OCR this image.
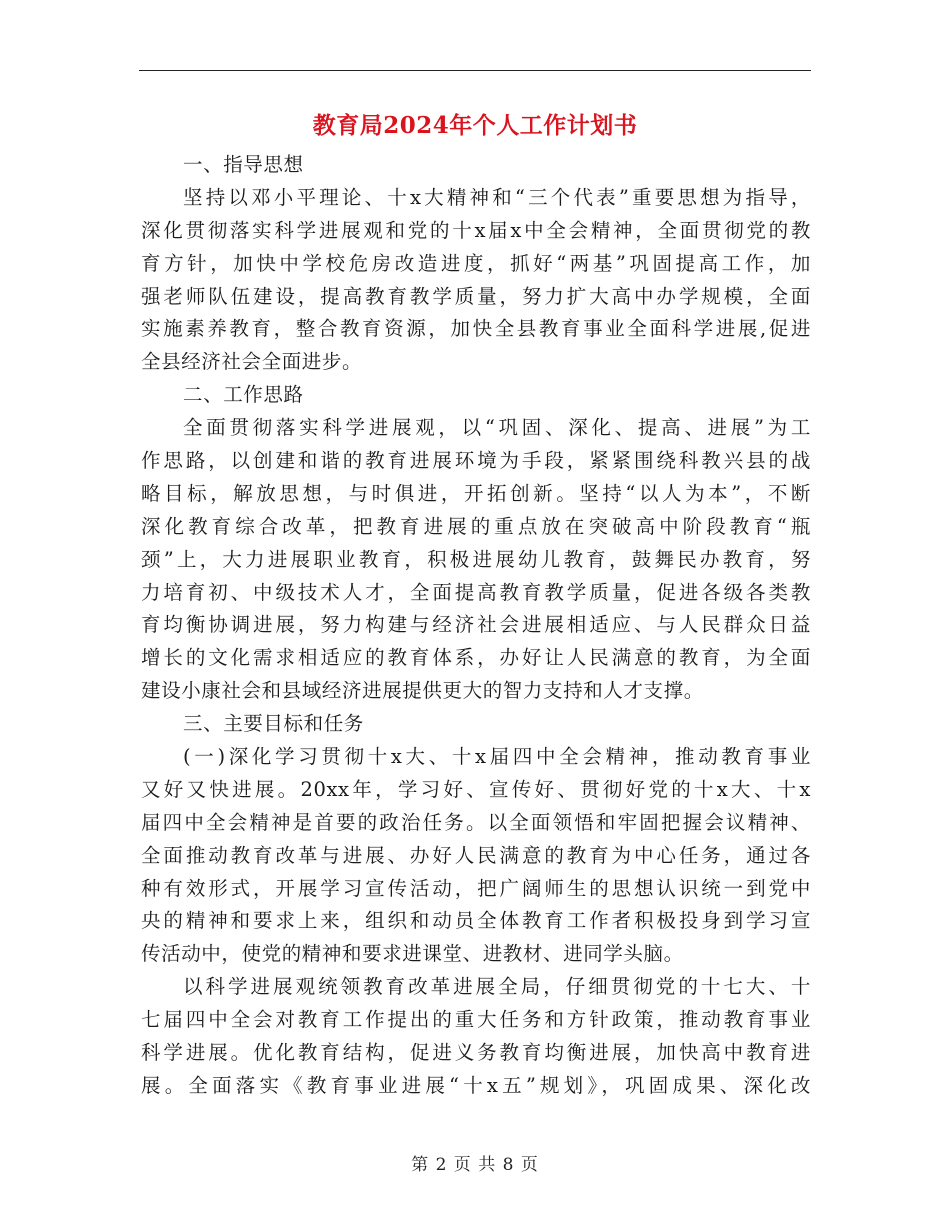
教育局2024年个人工作计划书
一、指导思想
坚持以邓小平理论、十x大精神和“三个代表”重要思想为指导，
深化贯彻落实科学进展观和党的十x届x中全会精神，全面贯彻党的教
育方针，加快中学校危房改造进度，抓好“两基”巩固提高工作，加
强老师队伍建设，提高教育教学质量，努力扩大高中办学规模，全面
实施素养教育，整合教育资源，加快全县教育事业全面科学进展,促进
全县经济社会全面进步。
二、工作思路
全面贯彻落实科学进展观，以“巩固、深化、提高、进展”为工
作思路，以创建和谐的教育进展环境为手段，紧紧围绕科教兴县的战
略目标，解放思想，与时俱进，开拓创新。坚持“以人为本”，不断
深化教育综合改革，把教育进展的重点放在突破高中阶段教育“瓶
颈”上，大力进展职业教育，积极进展幼儿教育，鼓舞民办教育，努
力培育初、中级技术人才，全面提高教育教学质量，促进各级各类教
育均衡协调进展，努力构建与经济社会进展相适应、与人民群众日益
增长的文化需求相适应的教育体系，办好让人民满意的教育，为全面
建设小康社会和县域经济进展提供更大的智力支持和人才支撑。
三、主要目标和任务
(一)深化学习贯彻十x大、十x届四中全会精神，推动教育事业
又好又快进展。20xx年，学习好、宣传好、贯彻好党的十x大、十x
届四中全会精神是首要的政治任务。以全面领悟和牢固把握会议精神、
全面推动教育改革与进展、办好人民满意的教育为中心任务，通过各
种有效形式，开展学习宣传活动，把广阔师生的思想认识统一到党中
央的精神和要求上来，组织和动员全体教育工作者积极投身到学习宣
传活动中，使党的精神和要求进课堂、进教材、进同学头脑。
以科学进展观统领教育改革进展全局，仔细贯彻党的十七大、十
七届四中全会对教育工作提出的重大任务和方针政策，推动教育事业
科学进展。优化教育结构，促进义务教育均衡进展，加快高中教育进
展。全面落实《教育事业进展“十x五”规划》，巩固成果、深化改
第 2 页 共 8 页
